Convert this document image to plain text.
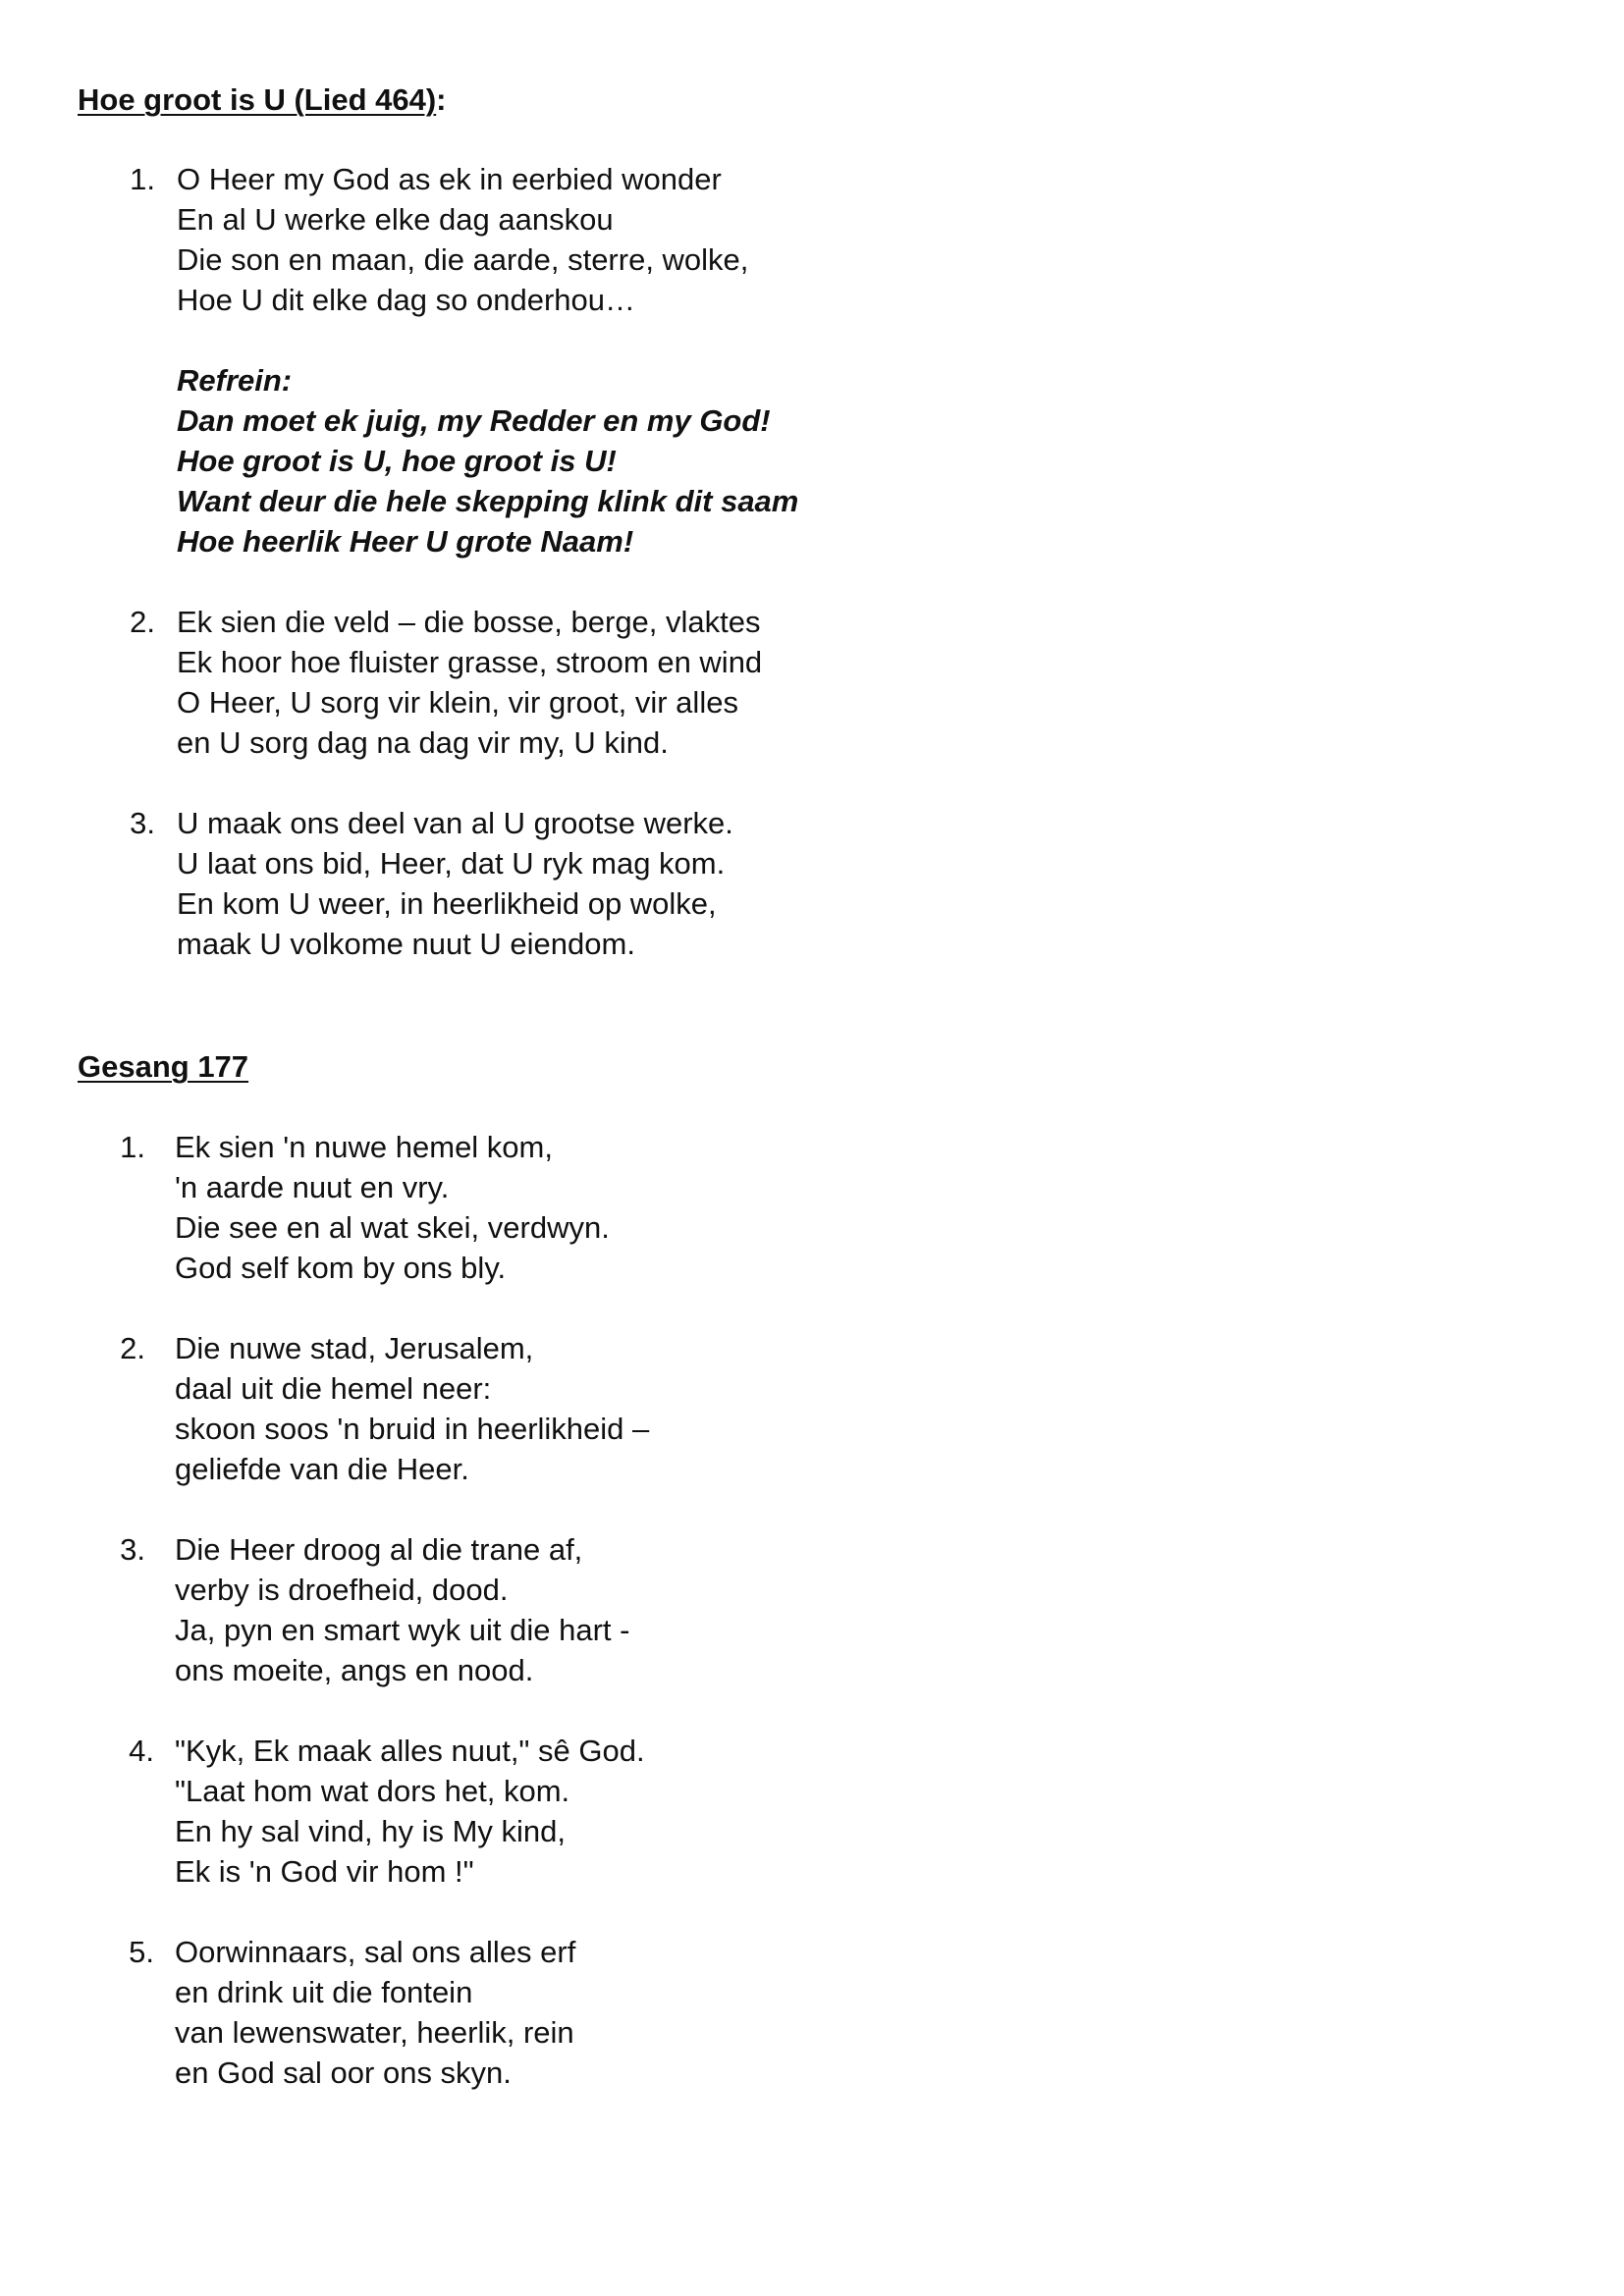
Hoe groot is U (Lied 464):
1. O Heer my God as ek in eerbied wonder
En al U werke elke dag aanskou
Die son en maan, die aarde, sterre, wolke,
Hoe U dit elke dag so onderhou…
Refrein:
Dan moet ek juig, my Redder en my God!
Hoe groot is U, hoe groot is U!
Want deur die hele skepping klink dit saam
Hoe heerlik Heer U grote Naam!
2. Ek sien die veld – die bosse, berge, vlaktes
Ek hoor hoe fluister grasse, stroom en wind
O Heer, U sorg vir klein, vir groot, vir alles
en U sorg dag na dag vir my, U kind.
3. U maak ons deel van al U grootse werke.
U laat ons bid, Heer, dat U ryk mag kom.
En kom U weer, in heerlikheid op wolke,
maak U volkome nuut U eiendom.
Gesang 177
1. Ek sien 'n nuwe hemel kom,
'n aarde nuut en vry.
Die see en al wat skei, verdwyn.
God self kom by ons bly.
2. Die nuwe stad, Jerusalem,
daal uit die hemel neer:
skoon soos 'n bruid in heerlikheid –
geliefde van die Heer.
3. Die Heer droog al die trane af,
verby is droefheid, dood.
Ja, pyn en smart wyk uit die hart -
ons moeite, angs en nood.
4. "Kyk, Ek maak alles nuut," sê God.
"Laat hom wat dors het, kom.
En hy sal vind, hy is My kind,
Ek is 'n God vir hom !"
5. Oorwinnaars, sal ons alles erf
en drink uit die fontein
van lewenswater, heerlik, rein
en God sal oor ons skyn.
